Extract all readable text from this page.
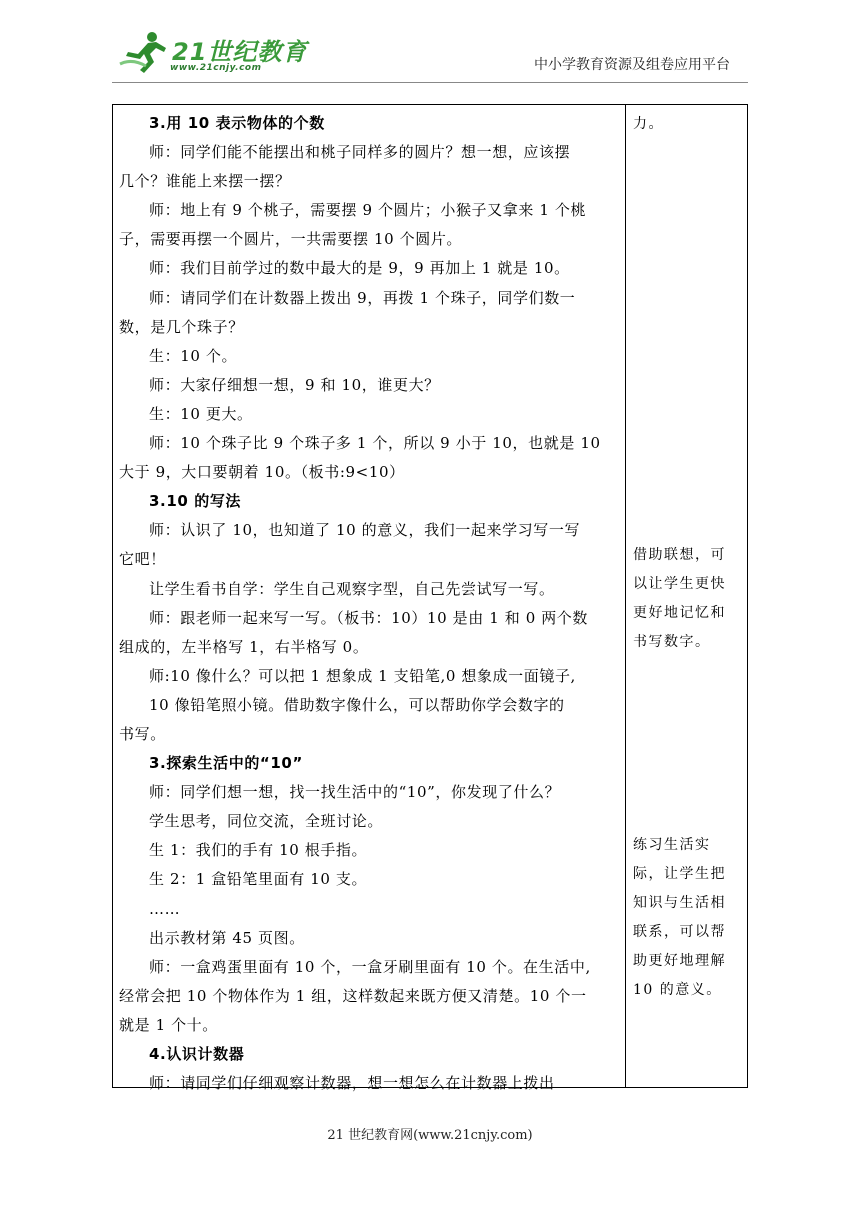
21世纪教育
www.21cnjy.com	中小学教育资源及组卷应用平台
3.用 10 表示物体的个数
师：同学们能不能摆出和桃子同样多的圆片？想一想，应该摆
几个？谁能上来摆一摆？
师：地上有 9 个桃子，需要摆 9 个圆片；小猴子又拿来 1 个桃
子，需要再摆一个圆片，一共需要摆 10 个圆片。
师：我们目前学过的数中最大的是 9，9 再加上 1 就是 10。
师：请同学们在计数器上拨出 9，再拨 1 个珠子，同学们数一
数，是几个珠子？
生：10 个。
师：大家仔细想一想，9 和 10，谁更大？
生：10 更大。
师：10 个珠子比 9 个珠子多 1 个，所以 9 小于 10，也就是 10
大于 9，大口要朝着 10。（板书:9<10）
3.10 的写法
师：认识了 10，也知道了 10 的意义，我们一起来学习写一写
它吧！
让学生看书自学：学生自己观察字型，自己先尝试写一写。
师：跟老师一起来写一写。（板书：10）10 是由 1 和 0 两个数
组成的，左半格写 1，右半格写 0。
师:10 像什么？可以把 1 想象成 1 支铅笔,0 想象成一面镜子,
10 像铅笔照小镜。借助数字像什么，可以帮助你学会数字的
书写。
3.探索生活中的“10”
师：同学们想一想，找一找生活中的“10”，你发现了什么？
学生思考，同位交流，全班讨论。
生 1：我们的手有 10 根手指。
生 2：1 盒铅笔里面有 10 支。
……
出示教材第 45 页图。
师：一盒鸡蛋里面有 10 个，一盒牙刷里面有 10 个。在生活中,
经常会把 10 个物体作为 1 组，这样数起来既方便又清楚。10 个一
就是 1 个十。
4.认识计数器
师：请同学们仔细观察计数器，想一想怎么在计数器上拨出
力。
借助联想，可
以让学生更快
更好地记忆和
书写数字。
练习生活实
际，让学生把
知识与生活相
联系，可以帮
助更好地理解
10 的意义。
21 世纪教育网(www.21cnjy.com)
